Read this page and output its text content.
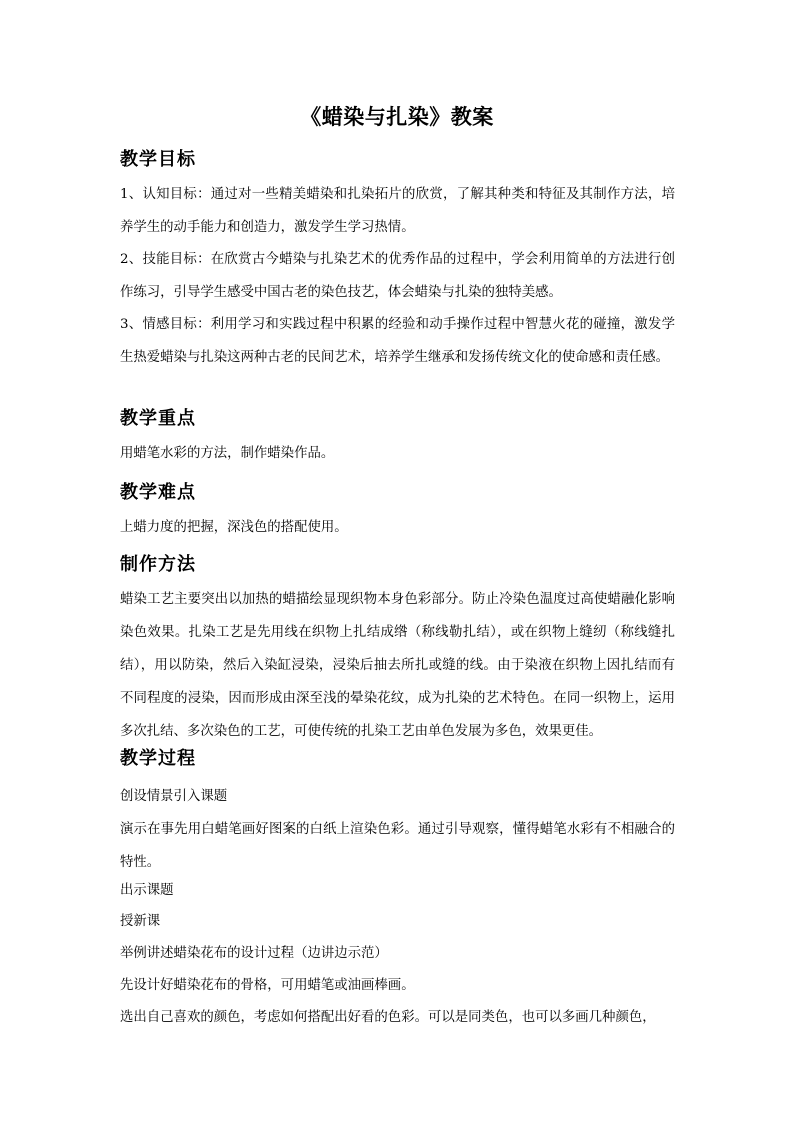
《蜡染与扎染》教案
教学目标
1、认知目标：通过对一些精美蜡染和扎染拓片的欣赏，了解其种类和特征及其制作方法，培养学生的动手能力和创造力，激发学生学习热情。
2、技能目标：在欣赏古今蜡染与扎染艺术的优秀作品的过程中，学会利用简单的方法进行创作练习，引导学生感受中国古老的染色技艺，体会蜡染与扎染的独特美感。
3、情感目标：利用学习和实践过程中积累的经验和动手操作过程中智慧火花的碰撞，激发学生热爱蜡染与扎染这两种古老的民间艺术，培养学生继承和发扬传统文化的使命感和责任感。
教学重点
用蜡笔水彩的方法，制作蜡染作品。
教学难点
上蜡力度的把握，深浅色的搭配使用。
制作方法
蜡染工艺主要突出以加热的蜡描绘显现织物本身色彩部分。防止冷染色温度过高使蜡融化影响染色效果。扎染工艺是先用线在织物上扎结成绺（称线勒扎结），或在织物上缝纫（称线缝扎结），用以防染，然后入染缸浸染，浸染后抽去所扎或缝的线。由于染液在织物上因扎结而有不同程度的浸染，因而形成由深至浅的晕染花纹，成为扎染的艺术特色。在同一织物上，运用多次扎结、多次染色的工艺，可使传统的扎染工艺由单色发展为多色，效果更佳。
教学过程
创设情景引入课题
演示在事先用白蜡笔画好图案的白纸上渲染色彩。通过引导观察，懂得蜡笔水彩有不相融合的特性。
出示课题
授新课
举例讲述蜡染花布的设计过程（边讲边示范）
先设计好蜡染花布的骨格，可用蜡笔或油画棒画。
选出自己喜欢的颜色，考虑如何搭配出好看的色彩。可以是同类色，也可以多画几种颜色，
